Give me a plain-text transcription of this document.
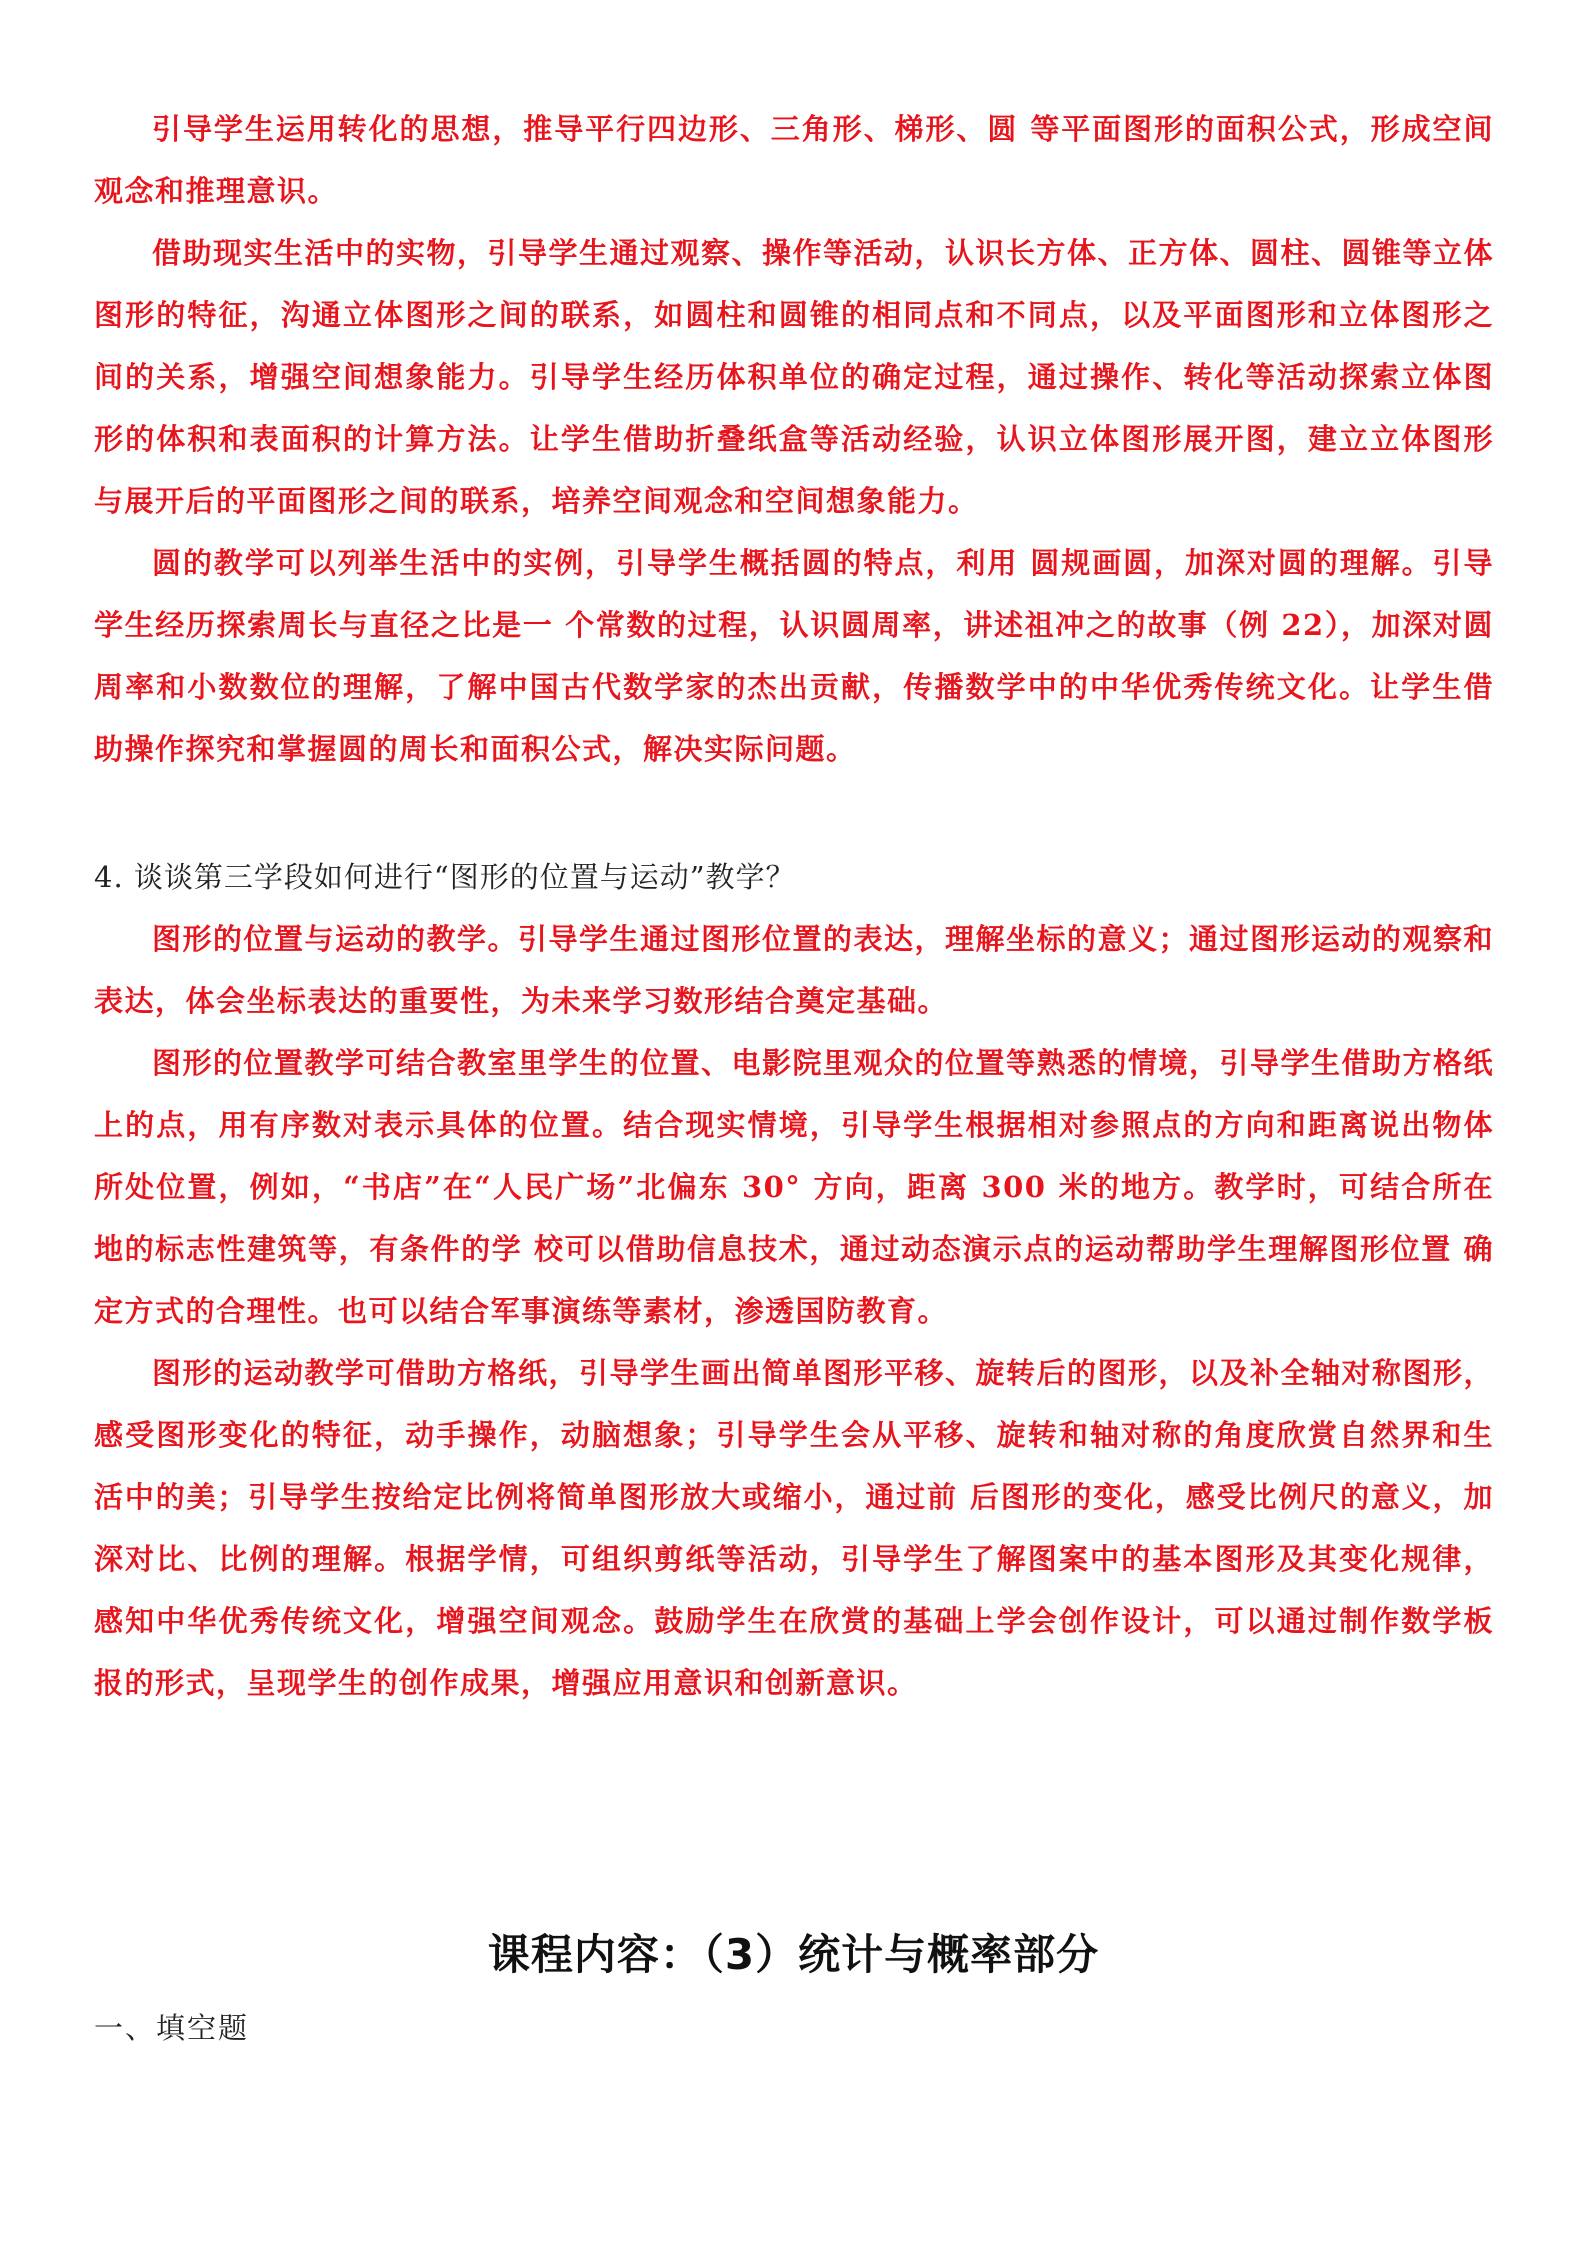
引导学生运用转化的思想，推导平行四边形、三角形、梯形、圆 等平面图形的面积公式，形成空间观念和推理意识。

借助现实生活中的实物，引导学生通过观察、操作等活动，认识长方体、正方体、圆柱、圆锥等立体图形的特征，沟通立体图形之间的联系，如圆柱和圆锥的相同点和不同点，以及平面图形和立体图形之间的关系，增强空间想象能力。引导学生经历体积单位的确定过程，通过操作、转化等活动探索立体图形的体积和表面积的计算方法。让学生借助折叠纸盒等活动经验，认识立体图形展开图，建立立体图形与展开后的平面图形之间的联系，培养空间观念和空间想象能力。

圆的教学可以列举生活中的实例，引导学生概括圆的特点，利用 圆规画圆，加深对圆的理解。引导学生经历探索周长与直径之比是一 个常数的过程，认识圆周率，讲述祖冲之的故事（例 22），加深对圆 周率和小数数位的理解，了解中国古代数学家的杰出贡献，传播数学中的中华优秀传统文化。让学生借助操作探究和掌握圆的周长和面积公式，解决实际问题。

4. 谈谈第三学段如何进行“图形的位置与运动”教学？

图形的位置与运动的教学。引导学生通过图形位置的表达，理解坐标的意义；通过图形运动的观察和表达，体会坐标表达的重要性，为未来学习数形结合奠定基础。

图形的位置教学可结合教室里学生的位置、电影院里观众的位置等熟悉的情境，引导学生借助方格纸上的点，用有序数对表示具体的位置。结合现实情境，引导学生根据相对参照点的方向和距离说出物体所处位置，例如，“书店”在“人民广场”北偏东 30° 方向，距离 300 米的地方。教学时，可结合所在地的标志性建筑等，有条件的学 校可以借助信息技术，通过动态演示点的运动帮助学生理解图形位置 确定方式的合理性。也可以结合军事演练等素材，渗透国防教育。

图形的运动教学可借助方格纸，引导学生画出简单图形平移、旋转后的图形，以及补全轴对称图形，感受图形变化的特征，动手操作，动脑想象；引导学生会从平移、旋转和轴对称的角度欣赏自然界和生活中的美；引导学生按给定比例将简单图形放大或缩小，通过前 后图形的变化，感受比例尺的意义，加深对比、比例的理解。根据学情，可组织剪纸等活动，引导学生了解图案中的基本图形及其变化规律，感知中华优秀传统文化，增强空间观念。鼓励学生在欣赏的基础上学会创作设计，可以通过制作数学板报的形式，呈现学生的创作成果，增强应用意识和创新意识。

课程内容：（3）统计与概率部分

一、填空题
